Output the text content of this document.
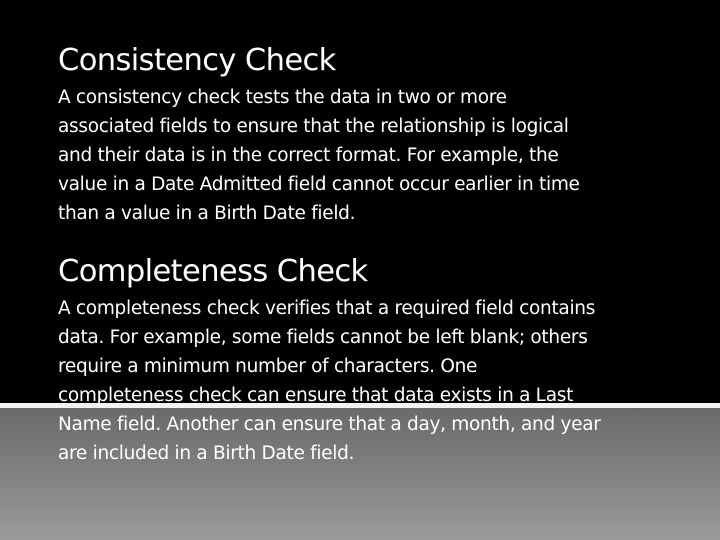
Consistency Check

A consistency check tests the data in two or more
associated fields to ensure that the relationship is logical
and their data is in the correct format. For example, the
value in a Date Admitted field cannot occur earlier in time
than a value in a Birth Date field.

Completeness Check

A completeness check verifies that a required field contains
data. For example, some fields cannot be left blank; others
require a minimum number of characters. One
completeness check can ensure that data exists in a Last
Name field. Another can ensure that a day, month, and year
are included in a Birth Date field.
